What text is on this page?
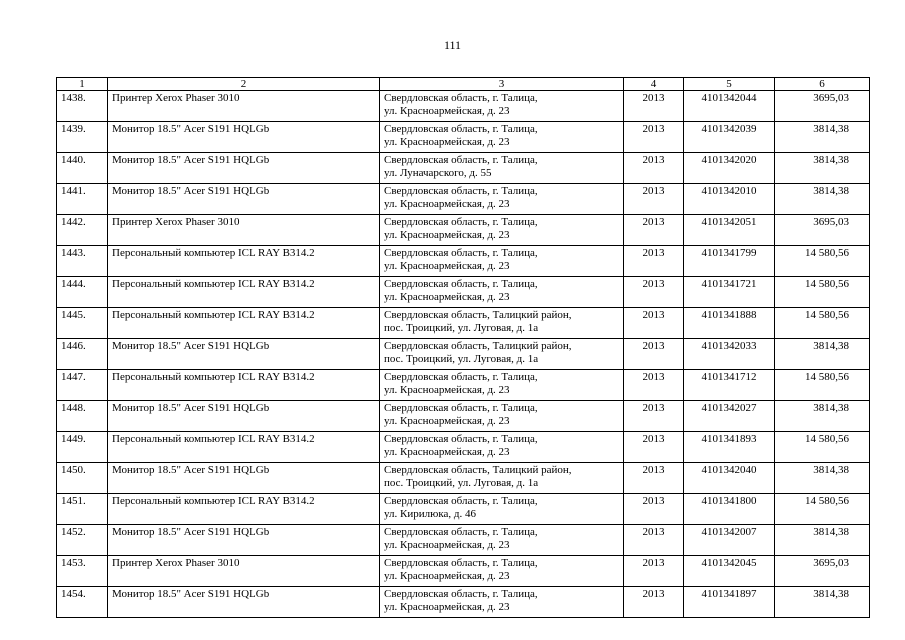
111
1	2	3	4	5	6
1438.	Принтер Xerox Phaser 3010	Свердловская область, г. Талица,
ул. Красноармейская, д. 23	2013	4101342044	3695,03
1439.	Монитор 18.5" Acer S191 HQLGb	Свердловская область, г. Талица,
ул. Красноармейская, д. 23	2013	4101342039	3814,38
1440.	Монитор 18.5" Acer S191 HQLGb	Свердловская область, г. Талица,
ул. Луначарского, д. 55	2013	4101342020	3814,38
1441.	Монитор 18.5" Acer S191 HQLGb	Свердловская область, г. Талица,
ул. Красноармейская, д. 23	2013	4101342010	3814,38
1442.	Принтер Xerox Phaser 3010	Свердловская область, г. Талица,
ул. Красноармейская, д. 23	2013	4101342051	3695,03
1443.	Персональный компьютер ICL RAY B314.2	Свердловская область, г. Талица,
ул. Красноармейская, д. 23	2013	4101341799	14 580,56
1444.	Персональный компьютер ICL RAY B314.2	Свердловская область, г. Талица,
ул. Красноармейская, д. 23	2013	4101341721	14 580,56
1445.	Персональный компьютер ICL RAY B314.2	Свердловская область, Талицкий район,
пос. Троицкий, ул. Луговая, д. 1а	2013	4101341888	14 580,56
1446.	Монитор 18.5" Acer S191 HQLGb	Свердловская область, Талицкий район,
пос. Троицкий, ул. Луговая, д. 1а	2013	4101342033	3814,38
1447.	Персональный компьютер ICL RAY B314.2	Свердловская область, г. Талица,
ул. Красноармейская, д. 23	2013	4101341712	14 580,56
1448.	Монитор 18.5" Acer S191 HQLGb	Свердловская область, г. Талица,
ул. Красноармейская, д. 23	2013	4101342027	3814,38
1449.	Персональный компьютер ICL RAY B314.2	Свердловская область, г. Талица,
ул. Красноармейская, д. 23	2013	4101341893	14 580,56
1450.	Монитор 18.5" Acer S191 HQLGb	Свердловская область, Талицкий район,
пос. Троицкий, ул. Луговая, д. 1а	2013	4101342040	3814,38
1451.	Персональный компьютер ICL RAY B314.2	Свердловская область, г. Талица,
ул. Кирилюка, д. 46	2013	4101341800	14 580,56
1452.	Монитор 18.5" Acer S191 HQLGb	Свердловская область, г. Талица,
ул. Красноармейская, д. 23	2013	4101342007	3814,38
1453.	Принтер Xerox Phaser 3010	Свердловская область, г. Талица,
ул. Красноармейская, д. 23	2013	4101342045	3695,03
1454.	Монитор 18.5" Acer S191 HQLGb	Свердловская область, г. Талица,
ул. Красноармейская, д. 23	2013	4101341897	3814,38
